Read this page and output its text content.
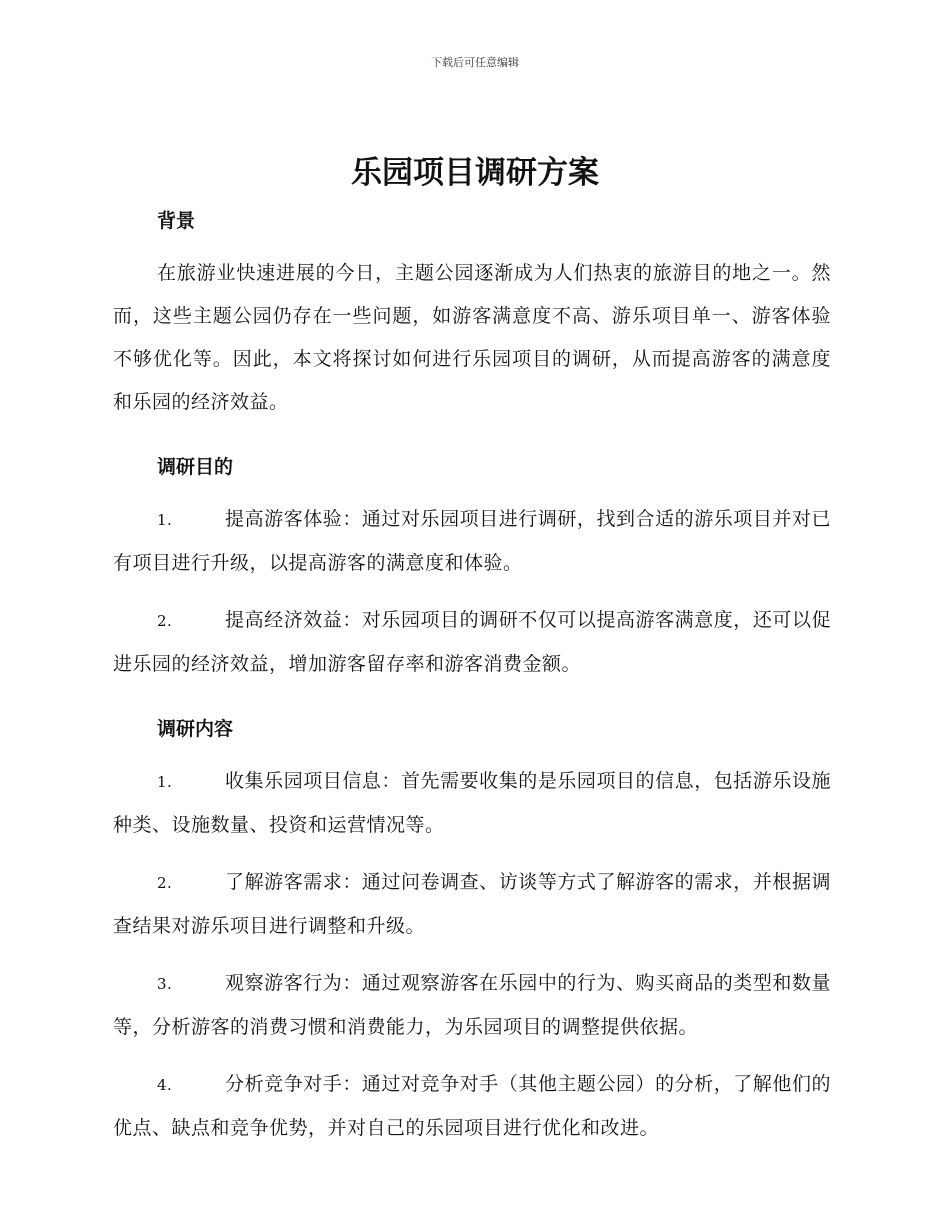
下载后可任意编辑
乐园项目调研方案
背景

在旅游业快速进展的今日，主题公园逐渐成为人们热衷的旅游目的地之一。然而，这些主题公园仍存在一些问题，如游客满意度不高、游乐项目单一、游客体验不够优化等。因此，本文将探讨如何进行乐园项目的调研，从而提高游客的满意度和乐园的经济效益。

调研目的

1.	提高游客体验：通过对乐园项目进行调研，找到合适的游乐项目并对已有项目进行升级，以提高游客的满意度和体验。

2.	提高经济效益：对乐园项目的调研不仅可以提高游客满意度，还可以促进乐园的经济效益，增加游客留存率和游客消费金额。

调研内容

1.	收集乐园项目信息：首先需要收集的是乐园项目的信息，包括游乐设施种类、设施数量、投资和运营情况等。

2.	了解游客需求：通过问卷调查、访谈等方式了解游客的需求，并根据调查结果对游乐项目进行调整和升级。

3.	观察游客行为：通过观察游客在乐园中的行为、购买商品的类型和数量等，分析游客的消费习惯和消费能力，为乐园项目的调整提供依据。

4.	分析竞争对手：通过对竞争对手（其他主题公园）的分析，了解他们的优点、缺点和竞争优势，并对自己的乐园项目进行优化和改进。
